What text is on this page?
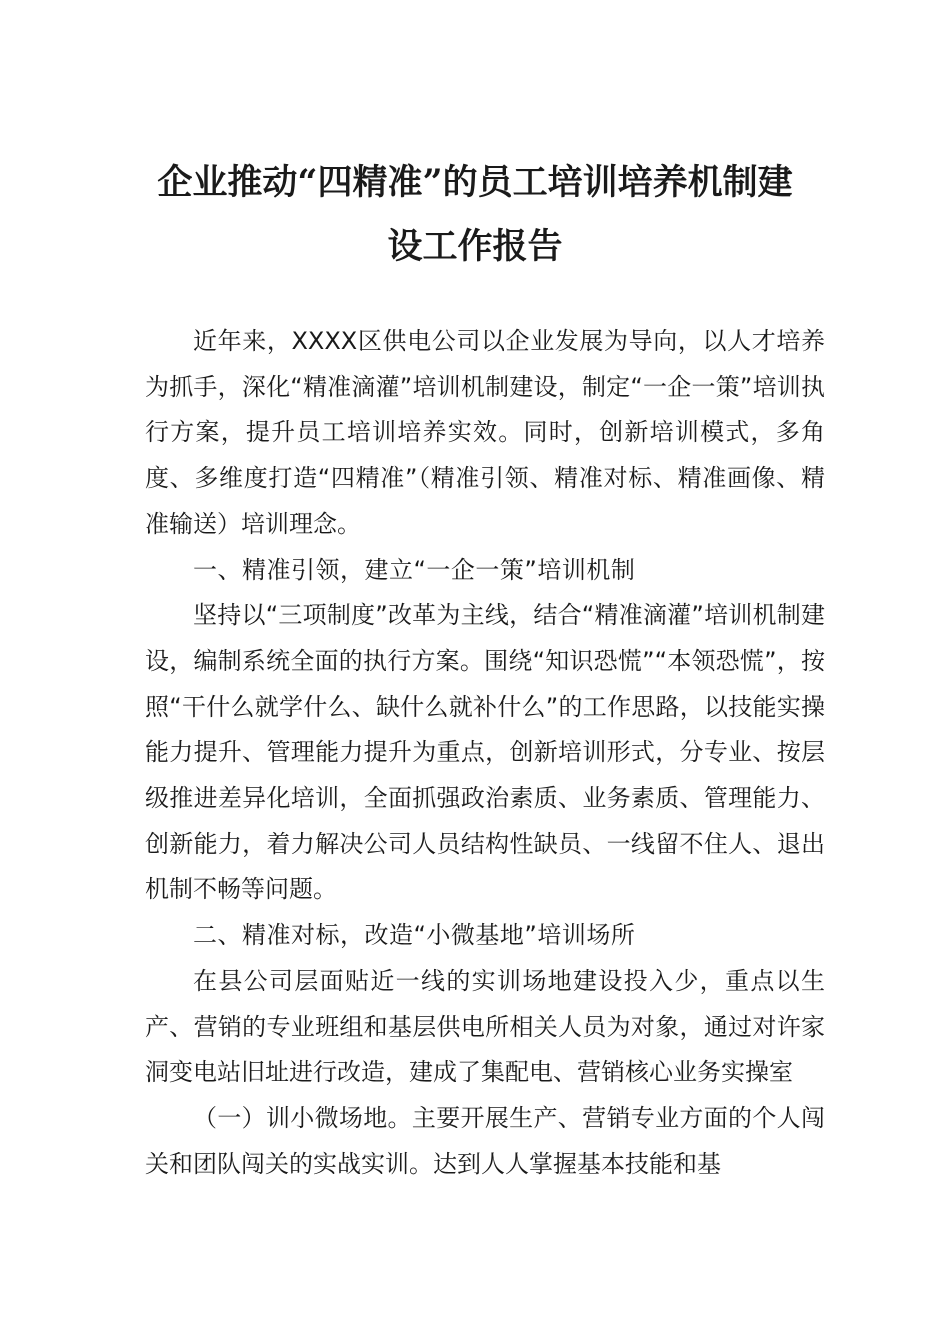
企业推动“四精准”的员工培训培养机制建
设工作报告

近年来，XXXX区供电公司以企业发展为导向，以人才培养为抓手，深化“精准滴灌”培训机制建设，制定“一企一策”培训执行方案，提升员工培训培养实效。同时，创新培训模式，多角度、多维度打造“四精准”（精准引领、精准对标、精准画像、精准输送）培训理念。

一、精准引领，建立“一企一策”培训机制

坚持以“三项制度”改革为主线，结合“精准滴灌”培训机制建设，编制系统全面的执行方案。围绕“知识恐慌”“本领恐慌”，按照“干什么就学什么、缺什么就补什么”的工作思路，以技能实操能力提升、管理能力提升为重点，创新培训形式，分专业、按层级推进差异化培训，全面抓强政治素质、业务素质、管理能力、创新能力，着力解决公司人员结构性缺员、一线留不住人、退出机制不畅等问题。

二、精准对标，改造“小微基地”培训场所

在县公司层面贴近一线的实训场地建设投入少，重点以生产、营销的专业班组和基层供电所相关人员为对象，通过对许家洞变电站旧址进行改造，建成了集配电、营销核心业务实操室

（一）训小微场地。主要开展生产、营销专业方面的个人闯关和团队闯关的实战实训。达到人人掌握基本技能和基
